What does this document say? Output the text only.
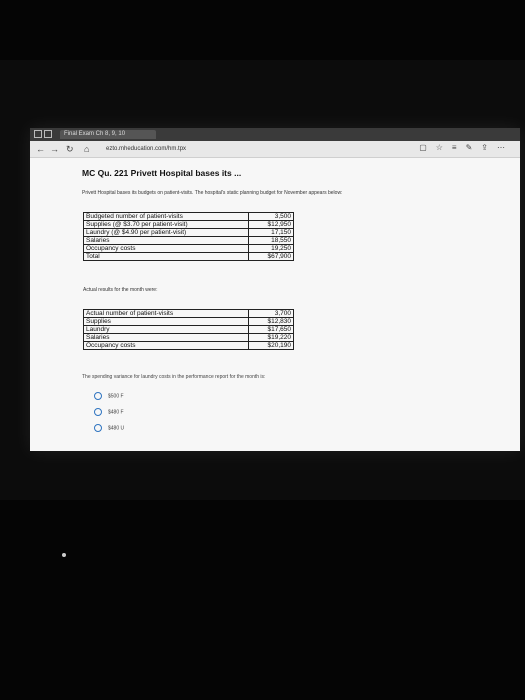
Final Exam Ch 8, 9, 10
← → ↻ ⌂	ezto.mheducation.com/hm.tpx	▢☆≡✎⇪⋯
MC Qu. 221 Privett Hospital bases its ...
Privett Hospital bases its budgets on patient-visits. The hospital's static planning budget for November appears below:
Budgeted number of patient-visits	3,500
Supplies (@ $3.70 per patient-visit)	$12,950
Laundry (@ $4.90 per patient-visit)	17,150
Salaries	18,550
Occupancy costs	19,250
Total	$67,900
Actual results for the month were:
Actual number of patient-visits	3,700
Supplies	$12,830
Laundry	$17,650
Salaries	$19,220
Occupancy costs	$20,190
The spending variance for laundry costs in the performance report for the month is:
$500 F
$480 F
$480 U
